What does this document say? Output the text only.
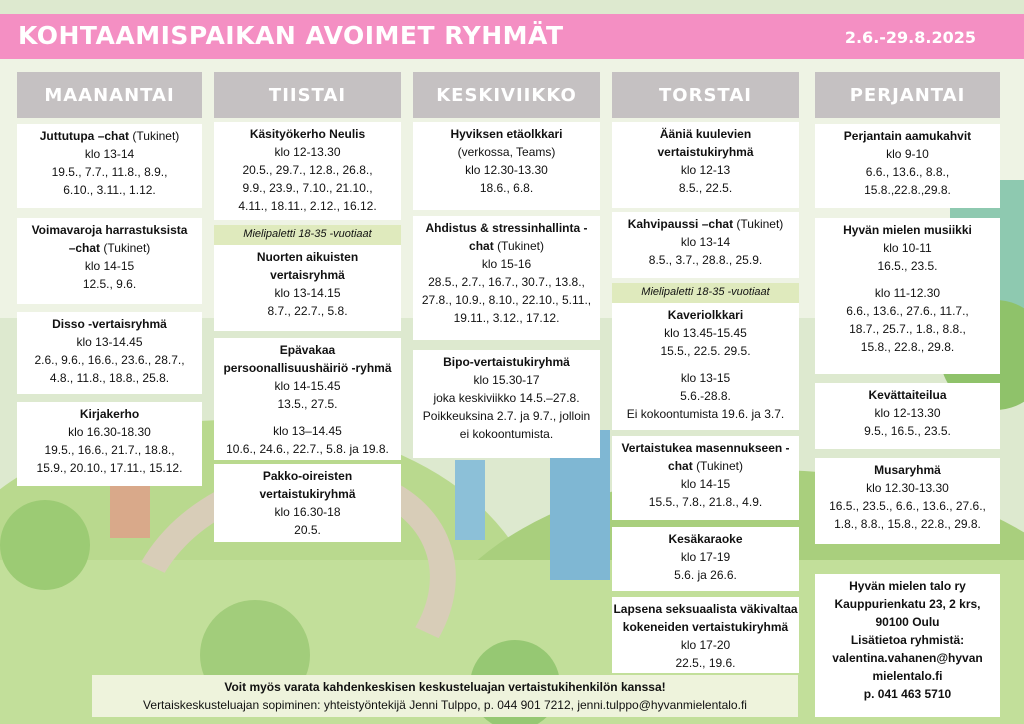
KOHTAAMISPAIKAN AVOIMET RYHMÄT	2.6.-29.8.2025
MAANANTAI	TIISTAI	KESKIVIIKKO	TORSTAI	PERJANTAI

Juttutupa –chat (Tukinet)

klo 13-14

19.5., 7.7., 11.8., 8.9.,

6.10., 3.11., 1.12.

Voimavaroja harrastuksista

–chat (Tukinet)

klo 14-15

12.5., 9.6.

Disso -vertaisryhmä

klo 13-14.45

2.6., 9.6., 16.6., 23.6., 28.7.,

4.8., 11.8., 18.8., 25.8.

Kirjakerho

klo 16.30-18.30

19.5., 16.6., 21.7., 18.8.,

15.9., 20.10., 17.11., 15.12.

Käsityökerho Neulis

klo 12-13.30

20.5., 29.7., 12.8., 26.8.,

9.9., 23.9., 7.10., 21.10.,

4.11., 18.11., 2.12., 16.12.

Mielipaletti 18-35 -vuotiaat

Nuorten aikuisten

vertaisryhmä

klo 13-14.15

8.7., 22.7., 5.8.

Epävakaa

persoonallisuushäiriö -ryhmä

klo 14-15.45

13.5., 27.5.

klo 13–14.45

10.6., 24.6., 22.7., 5.8. ja 19.8.

Pakko-oireisten

vertaistukiryhmä

klo 16.30-18

20.5.

Hyviksen etäolkkari

(verkossa, Teams)

klo 12.30-13.30

18.6., 6.8.

Ahdistus & stressinhallinta -

chat (Tukinet)

klo 15-16

28.5., 2.7., 16.7., 30.7., 13.8.,

27.8., 10.9., 8.10., 22.10., 5.11.,

19.11., 3.12., 17.12.

Bipo-vertaistukiryhmä

klo 15.30-17

joka keskiviikko 14.5.–27.8.

Poikkeuksina 2.7. ja 9.7., jolloin

ei kokoontumista.

Ääniä kuulevien

vertaistukiryhmä

klo 12-13

8.5., 22.5.

Kahvipaussi –chat (Tukinet)

klo 13-14

8.5., 3.7., 28.8., 25.9.

Mielipaletti 18-35 -vuotiaat

Kaveriolkkari

klo 13.45-15.45

15.5., 22.5. 29.5.

klo 13-15

5.6.-28.8.

Ei kokoontumista 19.6. ja 3.7.

Vertaistukea masennukseen -

chat (Tukinet)

klo 14-15

15.5., 7.8., 21.8., 4.9.

Kesäkaraoke

klo 17-19

5.6. ja 26.6.

Lapsena seksuaalista väkivaltaa

kokeneiden vertaistukiryhmä

klo 17-20

22.5., 19.6.

Perjantain aamukahvit

klo 9-10

6.6., 13.6., 8.8.,

15.8.,22.8.,29.8.

Hyvän mielen musiikki

klo 10-11

16.5., 23.5.

klo 11-12.30

6.6., 13.6., 27.6., 11.7.,

18.7., 25.7., 1.8., 8.8.,

15.8., 22.8., 29.8.

Kevättaiteilua

klo 12-13.30

9.5., 16.5., 23.5.

Musaryhmä

klo 12.30-13.30

16.5., 23.5., 6.6., 13.6., 27.6.,

1.8., 8.8., 15.8., 22.8., 29.8.

Hyvän mielen talo ry

Kauppurienkatu 23, 2 krs,

90100 Oulu

Lisätietoa ryhmistä:

valentina.vahanen@hyvan

mielentalo.fi

p. 041 463 5710

Voit myös varata kahdenkeskisen keskusteluajan vertaistukihenkilön kanssa!

Vertaiskeskusteluajan sopiminen: yhteistyöntekijä Jenni Tulppo, p. 044 901 7212, jenni.tulppo@hyvanmielentalo.fi
